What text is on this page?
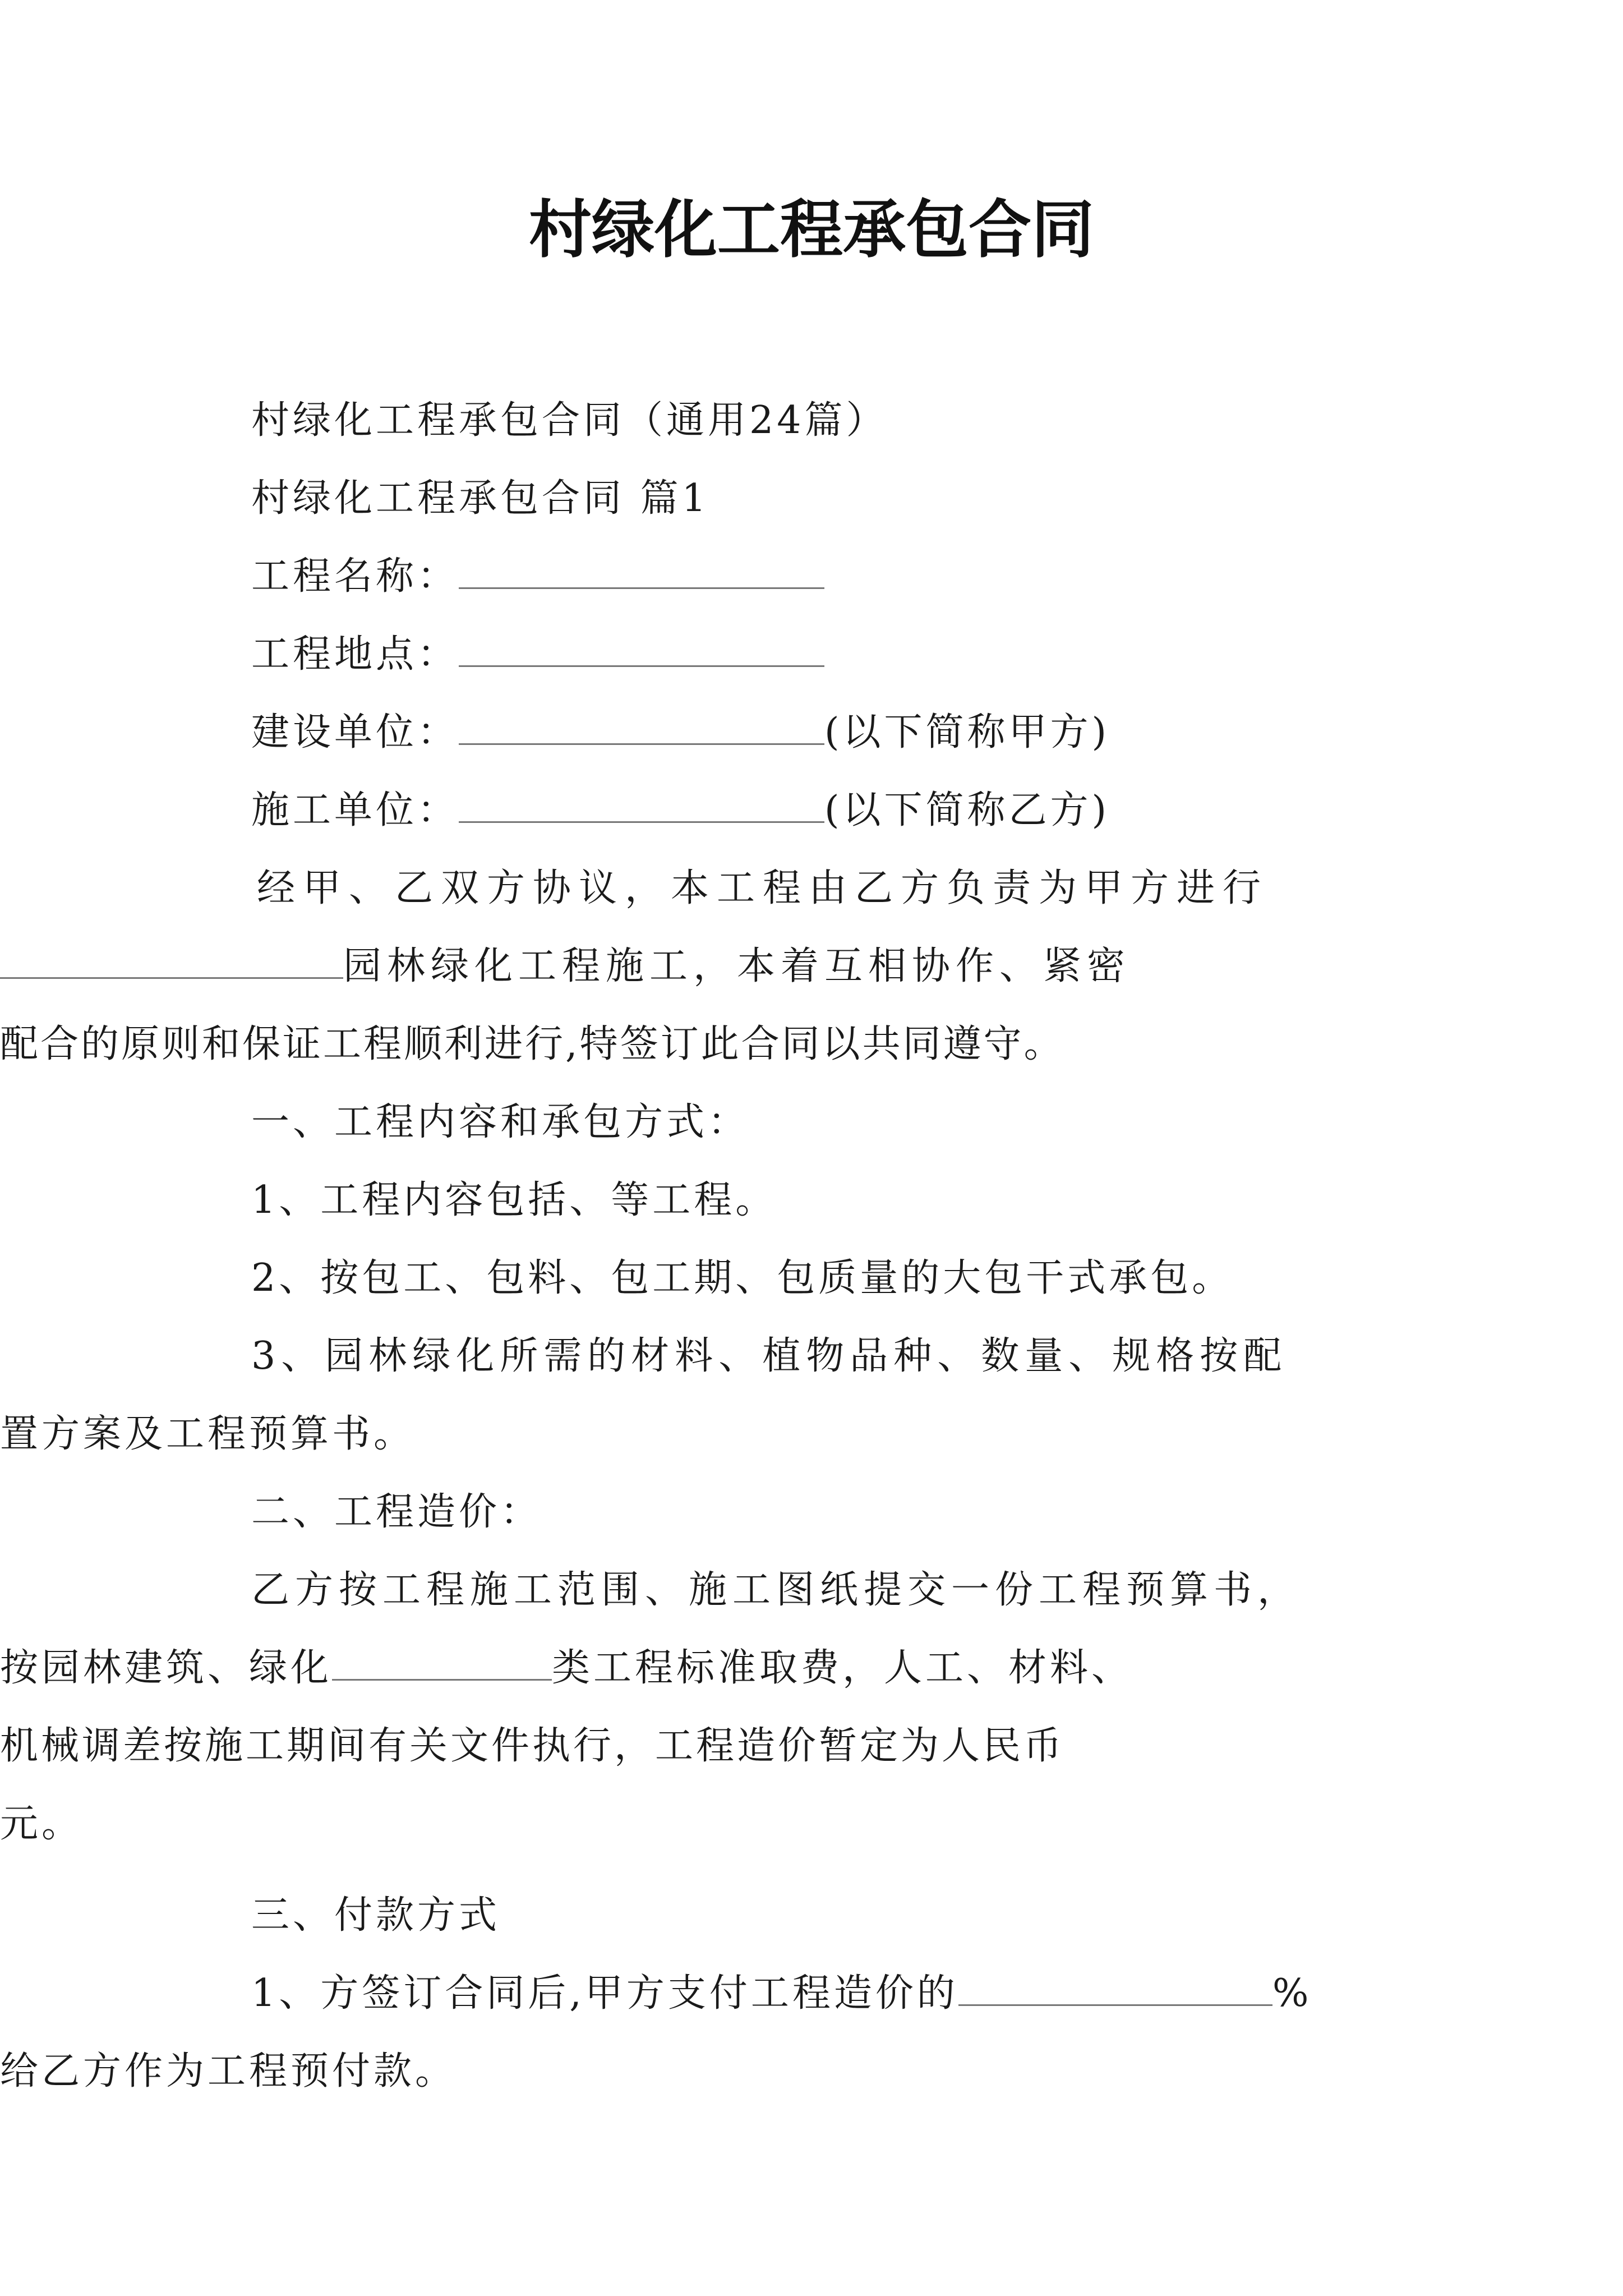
村绿化工程承包合同
村绿化工程承包合同（通用24篇）
村绿化工程承包合同 篇1
工程名称：
工程地点：
建设单位：	(以下简称甲方)
施工单位：	(以下简称乙方)
经甲、乙双方协议，本工程由乙方负责为甲方进行
园林绿化工程施工，本着互相协作、紧密
配合的原则和保证工程顺利进行,特签订此合同以共同遵守。
一、工程内容和承包方式：
1、工程内容包括、等工程。
2、按包工、包料、包工期、包质量的大包干式承包。
3、园林绿化所需的材料、植物品种、数量、规格按配
置方案及工程预算书。
二、工程造价：
乙方按工程施工范围、施工图纸提交一份工程预算书，
按园林建筑、绿化	类工程标准取费，人工、材料、
机械调差按施工期间有关文件执行，工程造价暂定为人民币
元。
三、付款方式
1、方签订合同后,甲方支付工程造价的	%
给乙方作为工程预付款。
